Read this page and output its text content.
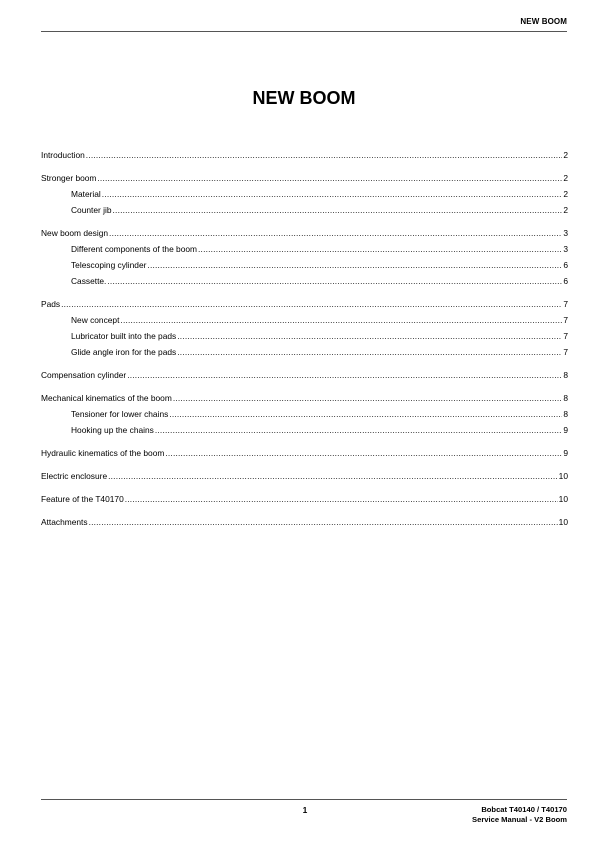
NEW BOOM
NEW BOOM
Introduction .....	2
Stronger boom .....	2
Material .....	2
Counter jib .....	2
New boom design .....	3
Different components of the boom .....	3
Telescoping cylinder .....	6
Cassette. .....	6
Pads .....	7
New concept .....	7
Lubricator built into the pads .....	7
Glide angle iron for the pads .....	7
Compensation cylinder .....	8
Mechanical kinematics of the boom .....	8
Tensioner for lower chains .....	8
Hooking up the chains .....	9
Hydraulic kinematics of the boom .....	9
Electric enclosure .....	10
Feature of the T40170 .....	10
Attachments .....	10
1	Bobcat T40140 / T40170
Service Manual - V2 Boom
